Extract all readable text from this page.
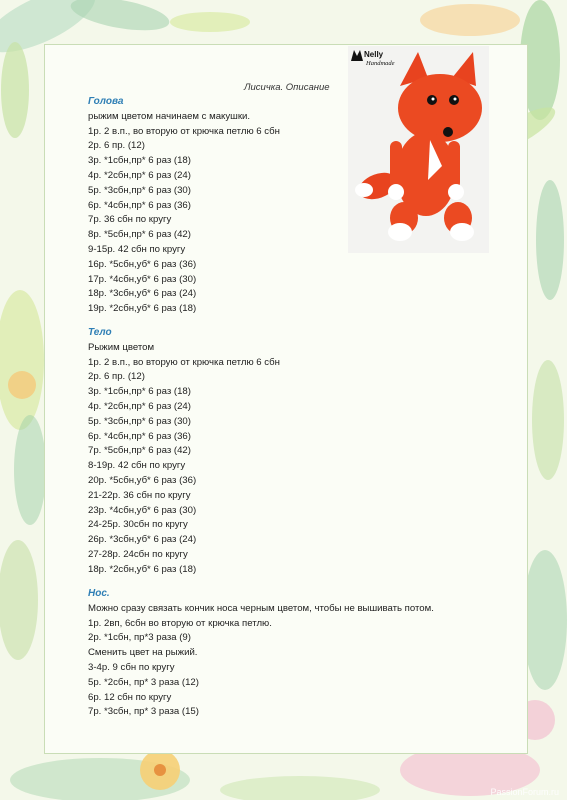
Nelly
Handmade
Лисичка. Описание
Голова
рыжим цветом начинаем с макушки.
1р. 2 в.п., во вторую от крючка петлю 6 сбн
2р. 6 пр. (12)
3р. *1сбн,пр* 6 раз (18)
4р. *2сбн,пр* 6 раз (24)
5р. *3сбн,пр* 6 раз (30)
6р. *4сбн,пр* 6 раз (36)
7р. 36 сбн по кругу
8р. *5сбн,пр* 6 раз (42)
9-15р. 42 сбн по кругу
16р. *5сбн,уб* 6 раз (36)
17р. *4сбн,уб* 6 раз (30)
18р. *3сбн,уб* 6 раз (24)
19р. *2сбн,уб* 6 раз (18)
Тело
Рыжим цветом
1р. 2 в.п., во вторую от крючка петлю 6 сбн
2р. 6 пр. (12)
3р. *1сбн,пр* 6 раз (18)
4р. *2сбн,пр* 6 раз (24)
5р. *3сбн,пр* 6 раз (30)
6р. *4сбн,пр* 6 раз (36)
7р. *5сбн,пр* 6 раз (42)
8-19р. 42 сбн по кругу
20р. *5сбн,уб* 6 раз (36)
21-22р. 36 сбн по кругу
23р. *4сбн,уб* 6 раз (30)
24-25р. 30сбн по кругу
26р. *3сбн,уб* 6 раз (24)
27-28р. 24сбн по кругу
18р. *2сбн,уб* 6 раз (18)
Нос.
Можно сразу связать кончик носа черным цветом, чтобы не вышивать потом.
1р. 2вп, 6сбн во вторую от крючка петлю.
2р. *1сбн, пр*3 раза (9)
Сменить цвет на рыжий.
3-4р. 9 сбн по кругу
5р. *2сбн, пр* 3 раза (12)
6р. 12 сбн по кругу
7р. *3сбн, пр* 3 раза (15)
PassionForum.ru
